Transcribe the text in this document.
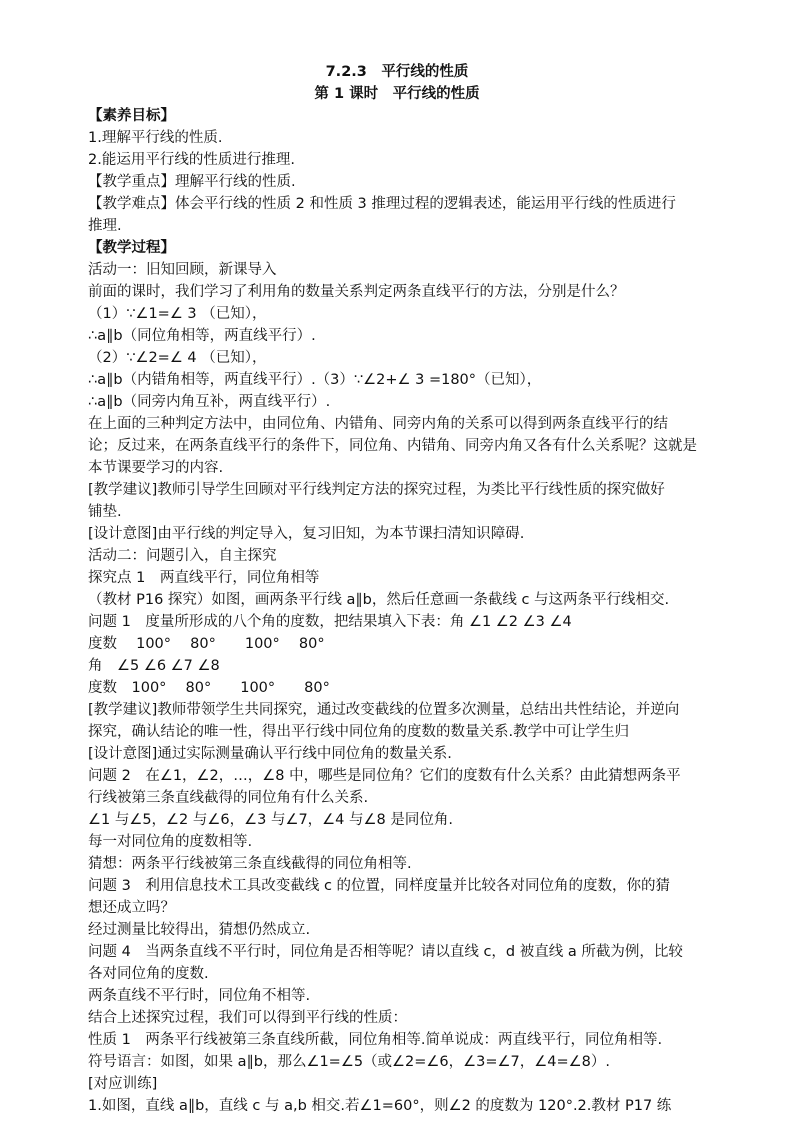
7.2.3　平行线的性质
第 1 课时　平行线的性质
【素养目标】
1.理解平行线的性质.
2.能运用平行线的性质进行推理.
【教学重点】理解平行线的性质.
【教学难点】体会平行线的性质 2 和性质 3 推理过程的逻辑表述，能运用平行线的性质进行
推理.
【教学过程】
活动一：旧知回顾，新课导入
前面的课时，我们学习了利用角的数量关系判定两条直线平行的方法，分别是什么？
（1）∵∠1=∠ 3 （已知），
∴a∥b（同位角相等，两直线平行）.
（2）∵∠2=∠ 4 （已知），
∴a∥b（内错角相等，两直线平行）.（3）∵∠2+∠ 3 =180°（已知），
∴a∥b（同旁内角互补，两直线平行）.
在上面的三种判定方法中，由同位角、内错角、同旁内角的关系可以得到两条直线平行的结
论；反过来，在两条直线平行的条件下，同位角、内错角、同旁内角又各有什么关系呢？这就是
本节课要学习的内容.
[教学建议]教师引导学生回顾对平行线判定方法的探究过程，为类比平行线性质的探究做好
铺垫.
[设计意图]由平行线的判定导入，复习旧知，为本节课扫清知识障碍.
活动二：问题引入，自主探究
探究点 1　两直线平行，同位角相等
（教材 P16 探究）如图，画两条平行线 a∥b，然后任意画一条截线 c 与这两条平行线相交.
问题 1　度量所形成的八个角的度数，把结果填入下表：角 ∠1 ∠2 ∠3 ∠4
度数　 100°　 80°　　100°　 80°
角　∠5 ∠6 ∠7 ∠8
度数　100°　 80°　　100°　　80°
[教学建议]教师带领学生共同探究，通过改变截线的位置多次测量，总结出共性结论，并逆向
探究，确认结论的唯一性，得出平行线中同位角的度数的数量关系.教学中可让学生归
[设计意图]通过实际测量确认平行线中同位角的数量关系.
问题 2　在∠1，∠2，…，∠8 中，哪些是同位角？它们的度数有什么关系？由此猜想两条平
行线被第三条直线截得的同位角有什么关系.
∠1 与∠5，∠2 与∠6，∠3 与∠7，∠4 与∠8 是同位角.
每一对同位角的度数相等.
猜想：两条平行线被第三条直线截得的同位角相等.
问题 3　利用信息技术工具改变截线 c 的位置，同样度量并比较各对同位角的度数，你的猜
想还成立吗？
经过测量比较得出，猜想仍然成立.
问题 4　当两条直线不平行时，同位角是否相等呢？请以直线 c，d 被直线 a 所截为例，比较
各对同位角的度数.
两条直线不平行时，同位角不相等.
结合上述探究过程，我们可以得到平行线的性质：
性质 1　两条平行线被第三条直线所截，同位角相等.简单说成：两直线平行，同位角相等.
符号语言：如图，如果 a∥b，那么∠1=∠5（或∠2=∠6，∠3=∠7，∠4=∠8）.
[对应训练]
1.如图，直线 a∥b，直线 c 与 a,b 相交.若∠1=60°，则∠2 的度数为 120°.2.教材 P17 练
